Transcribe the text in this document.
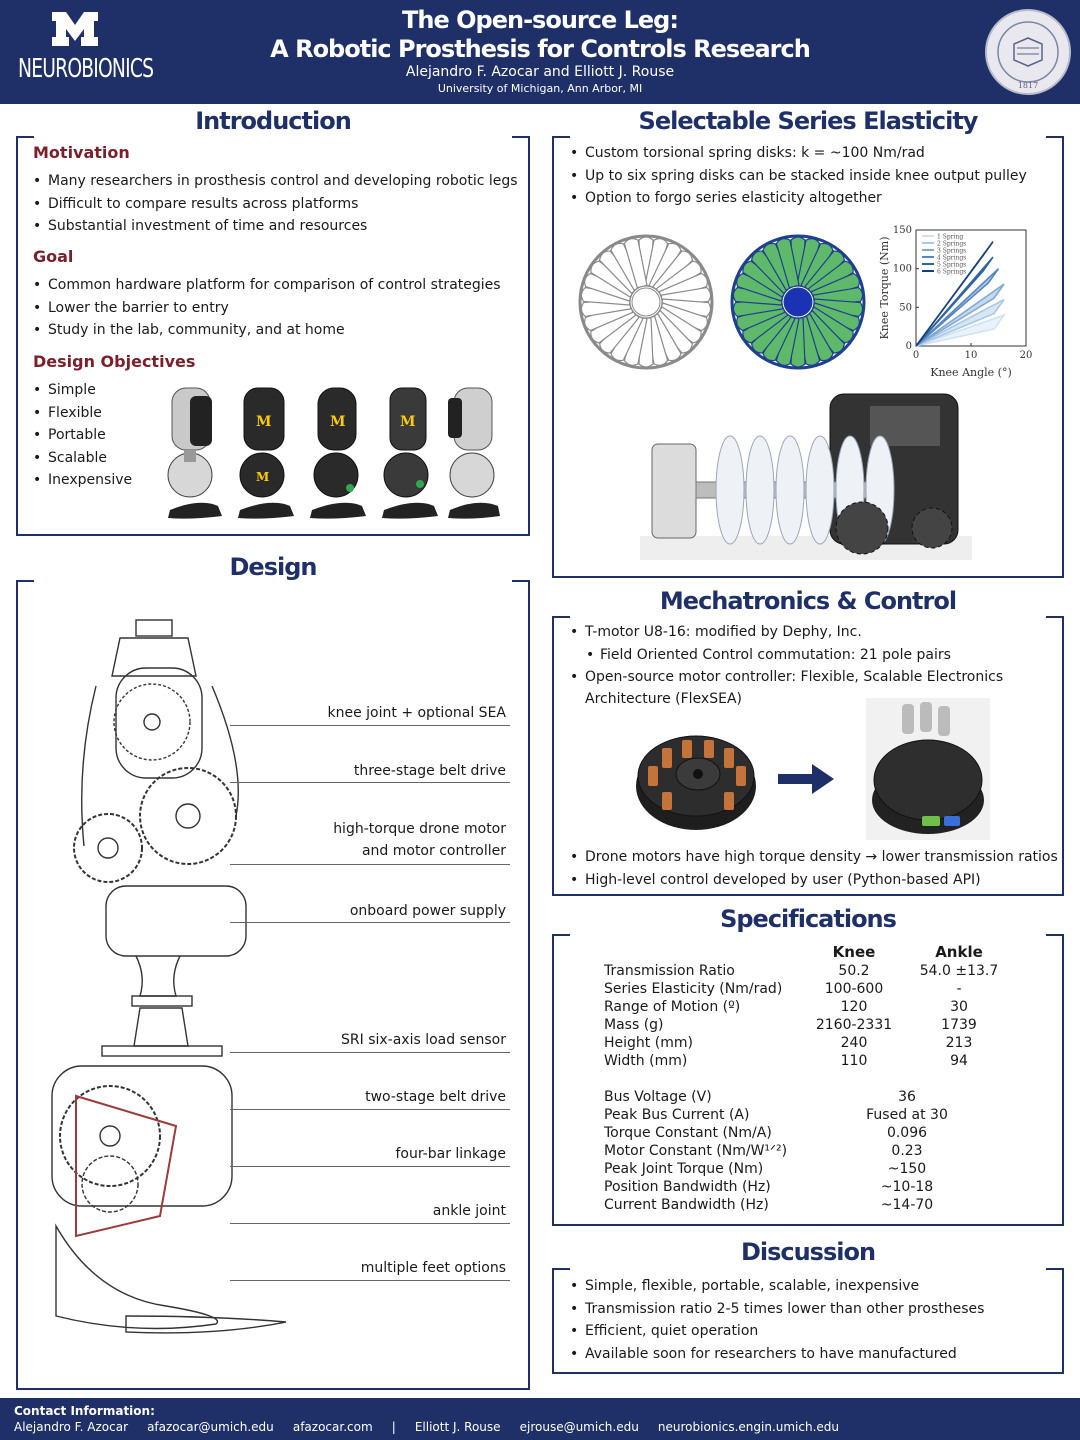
NEUROBIONICS
The Open-source Leg:
A Robotic Prosthesis for Controls Research
Alejandro F. Azocar and Elliott J. Rouse
University of Michigan, Ann Arbor, MI	1817
Introduction
Motivation
• Many researchers in prosthesis control and developing robotic legs
• Difficult to compare results across platforms
• Substantial investment of time and resources
Goal
• Common hardware platform for comparison of control strategies
• Lower the barrier to entry
• Study in the lab, community, and at home
Design Objectives
• Simple
• Flexible
• Portable
• Scalable
• Inexpensive
M
M
M	M
Selectable Series Elasticity
• Custom torsional spring disks: k = ~100 Nm/rad
• Up to six spring disks can be stacked inside knee output pulley
• Option to forgo series elasticity altogether
0	10	20
0
50
100
150
1 Spring
2 Springs
3 Springs
4 Springs
5 Springs
6 Springs
Knee Angle (°)
Knee Torque (Nm)
Design
knee joint + optional SEA
three-stage belt drive
high-torque drone motor
and motor controller
onboard power supply
SRI six-axis load sensor
two-stage belt drive
four-bar linkage
ankle joint
multiple feet options
Mechatronics & Control
• T-motor U8-16: modified by Dephy, Inc.
• Field Oriented Control commutation: 21 pole pairs
• Open-source motor controller: Flexible, Scalable Electronics
Architecture (FlexSEA)
• Drone motors have high torque density → lower transmission ratios
• High-level control developed by user (Python-based API)
Specifications
	Knee	Ankle
Transmission Ratio	50.2	54.0 ±13.7
Series Elasticity (Nm/rad)	100-600	-
Range of Motion (º)	120	30
Mass (g)	2160-2331	1739
Height (mm)	240	213
Width (mm)	110	94

Bus Voltage (V)	36	
Peak Bus Current (A)	Fused at 30	
Torque Constant (Nm/A)	0.096	
Motor Constant (Nm/W¹ᐟ²)	0.23	
Peak Joint Torque (Nm)	~150	
Position Bandwidth (Hz)	~10-18	
Current Bandwidth (Hz)	~14-70	
Discussion
• Simple, flexible, portable, scalable, inexpensive
• Transmission ratio 2-5 times lower than other prostheses
• Efficient, quiet operation
• Available soon for researchers to have manufactured
Contact Information:
Alejandro F. Azocar     afazocar@umich.edu     afazocar.com     |     Elliott J. Rouse     ejrouse@umich.edu     neurobionics.engin.umich.edu
